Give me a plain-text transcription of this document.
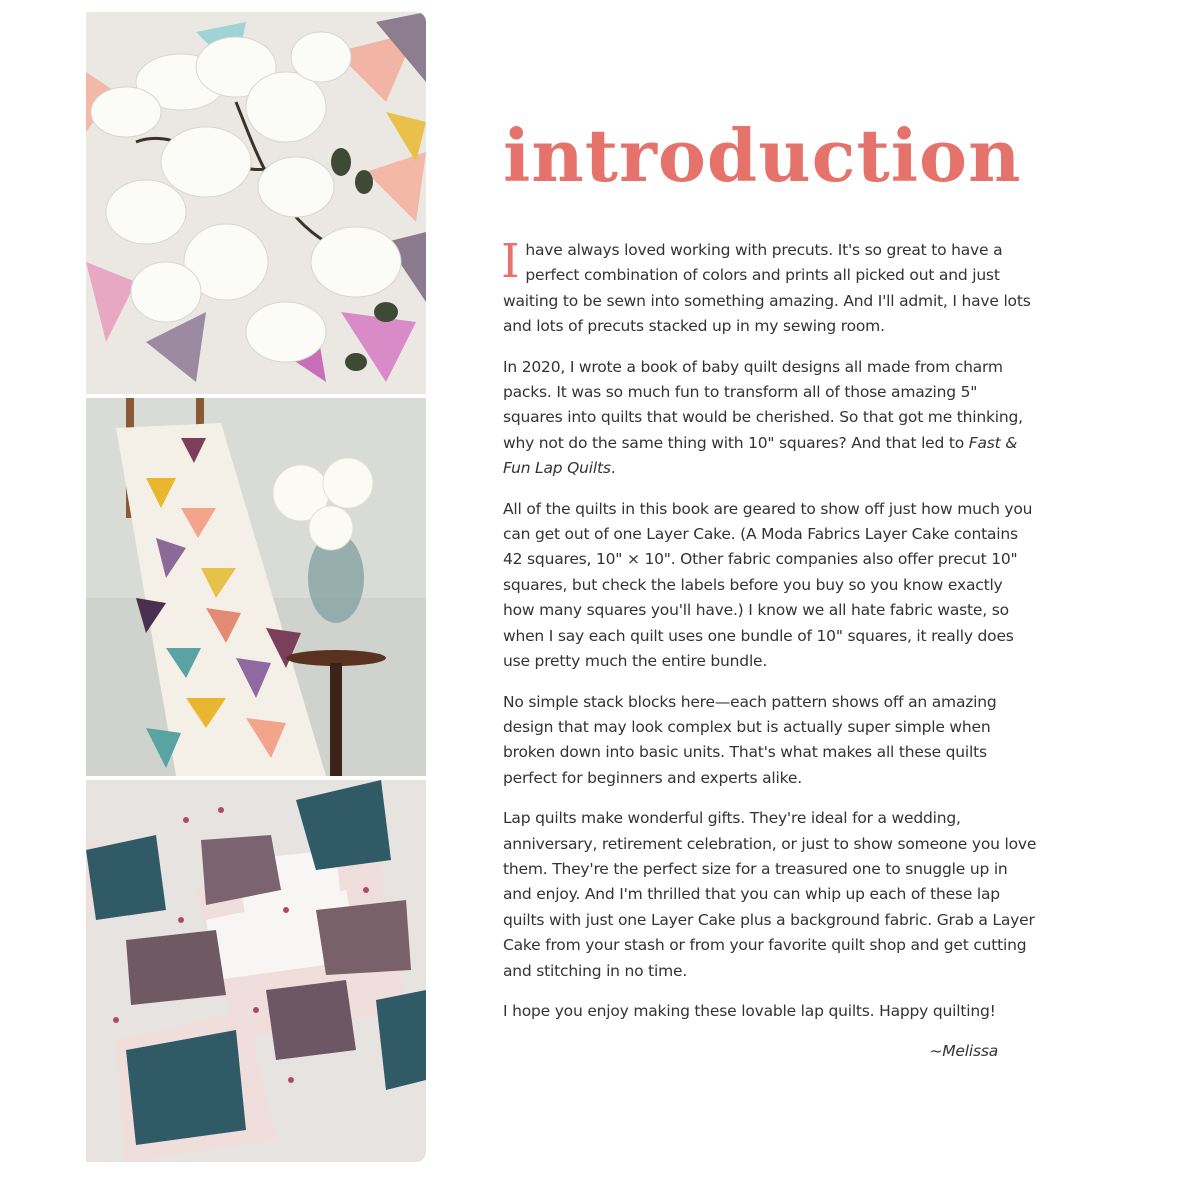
introduction

Ihave always loved working with precuts. It's so great to have a perfect combination of colors and prints all picked out and just waiting to be sewn into something amazing. And I'll admit, I have lots and lots of precuts stacked up in my sewing room.

In 2020, I wrote a book of baby quilt designs all made from charm packs. It was so much fun to transform all of those amazing 5" squares into quilts that would be cherished. So that got me thinking, why not do the same thing with 10" squares? And that led to Fast & Fun Lap Quilts.

All of the quilts in this book are geared to show off just how much you can get out of one Layer Cake. (A Moda Fabrics Layer Cake contains 42 squares, 10" × 10". Other fabric companies also offer precut 10" squares, but check the labels before you buy so you know exactly how many squares you'll have.) I know we all hate fabric waste, so when I say each quilt uses one bundle of 10" squares, it really does use pretty much the entire bundle.

No simple stack blocks here—each pattern shows off an amazing design that may look complex but is actually super simple when broken down into basic units. That's what makes all these quilts perfect for beginners and experts alike.

Lap quilts make wonderful gifts. They're ideal for a wedding, anniversary, retirement celebration, or just to show someone you love them. They're the perfect size for a treasured one to snuggle up in and enjoy. And I'm thrilled that you can whip up each of these lap quilts with just one Layer Cake plus a background fabric. Grab a Layer Cake from your stash or from your favorite quilt shop and get cutting and stitching in no time.

I hope you enjoy making these lovable lap quilts. Happy quilting!

~Melissa
